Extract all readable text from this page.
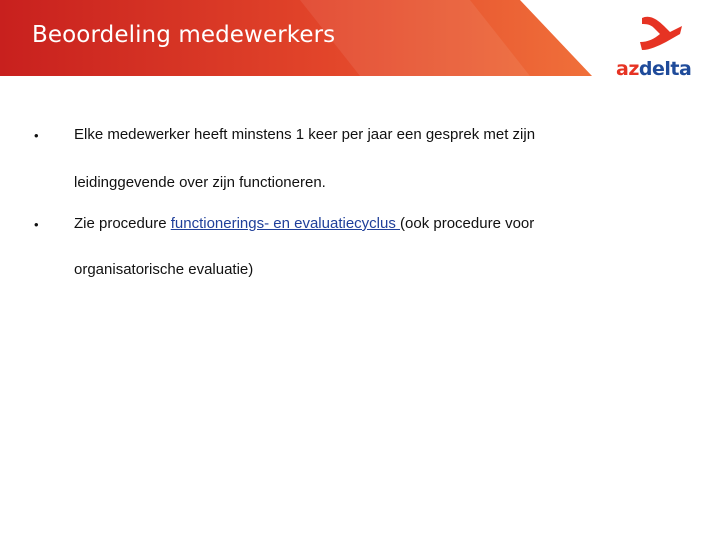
Beoordeling medewerkers
azdelta
• Elke medewerker heeft minstens 1 keer per jaar een gesprek met zijn
leidinggevende over zijn functioneren.
• Zie procedure functionerings- en evaluatiecyclus (ook procedure voor
organisatorische evaluatie)
